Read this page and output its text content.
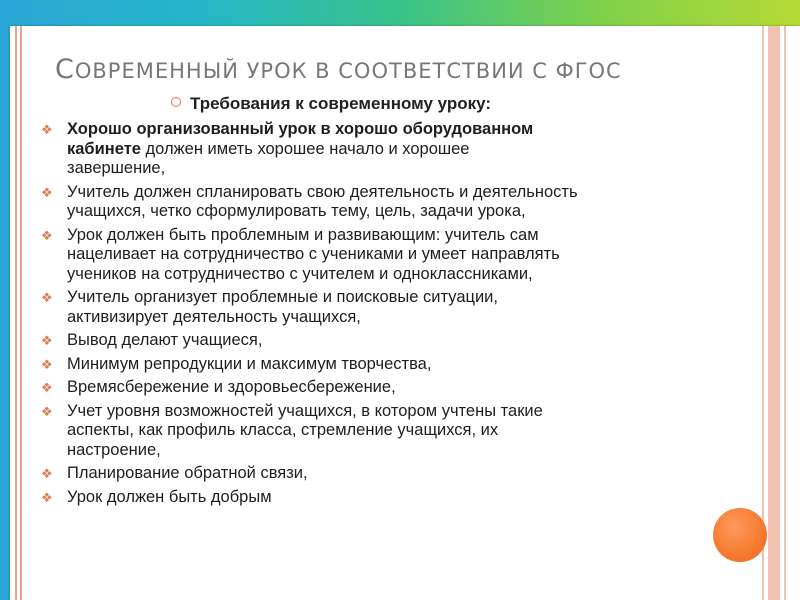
СОВРЕМЕННЫЙ УРОК В СООТВЕТСТВИИ С ФГОС
Требования к современному уроку:
❖ Хорошо организованный урок в хорошо оборудованном
кабинете должен иметь хорошее начало и хорошее
завершение,
❖ Учитель должен спланировать свою деятельность и деятельность
учащихся, четко сформулировать тему, цель, задачи урока,
❖ Урок должен быть проблемным и развивающим: учитель сам
нацеливает на сотрудничество с учениками и умеет направлять
учеников на сотрудничество с учителем и одноклассниками,
❖ Учитель организует проблемные и поисковые ситуации,
активизирует деятельность учащихся,
❖ Вывод делают учащиеся,
❖ Минимум репродукции и максимум творчества,
❖ Времясбережение и здоровьесбережение,
❖ Учет уровня возможностей учащихся, в котором учтены такие
аспекты, как профиль класса, стремление учащихся, их
настроение,
❖ Планирование обратной связи,
❖ Урок должен быть добрым
